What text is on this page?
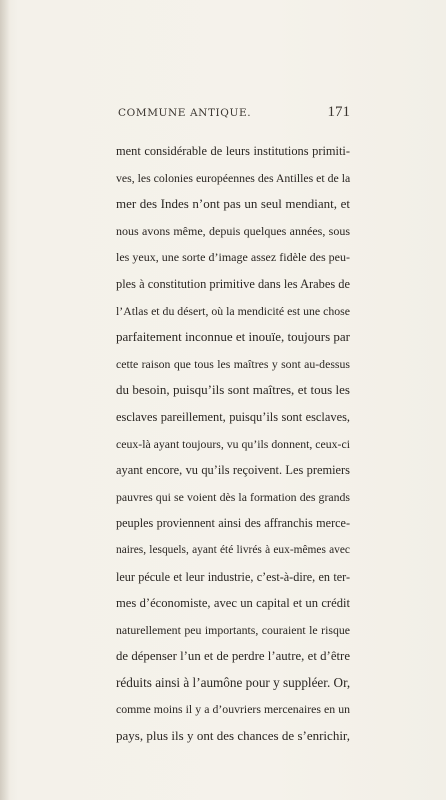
COMMUNE ANTIQUE.	171
ment considérable de leurs institutions primiti-
ves, les colonies européennes des Antilles et de la
mer des Indes n’ont pas un seul mendiant, et
nous avons même, depuis quelques années, sous
les yeux, une sorte d’image assez fidèle des peu-
ples à constitution primitive dans les Arabes de
l’Atlas et du désert, où la mendicité est une chose
parfaitement inconnue et inouïe, toujours par
cette raison que tous les maîtres y sont au-dessus
du besoin, puisqu’ils sont maîtres, et tous les
esclaves pareillement, puisqu’ils sont esclaves,
ceux-là ayant toujours, vu qu’ils donnent, ceux-ci
ayant encore, vu qu’ils reçoivent. Les premiers
pauvres qui se voient dès la formation des grands
peuples proviennent ainsi des affranchis merce-
naires, lesquels, ayant été livrés à eux-mêmes avec
leur pécule et leur industrie, c’est-à-dire, en ter-
mes d’économiste, avec un capital et un crédit
naturellement peu importants, couraient le risque
de dépenser l’un et de perdre l’autre, et d’être
réduits ainsi à l’aumône pour y suppléer. Or,
comme moins il y a d’ouvriers mercenaires en un
pays, plus ils y ont des chances de s’enrichir,
